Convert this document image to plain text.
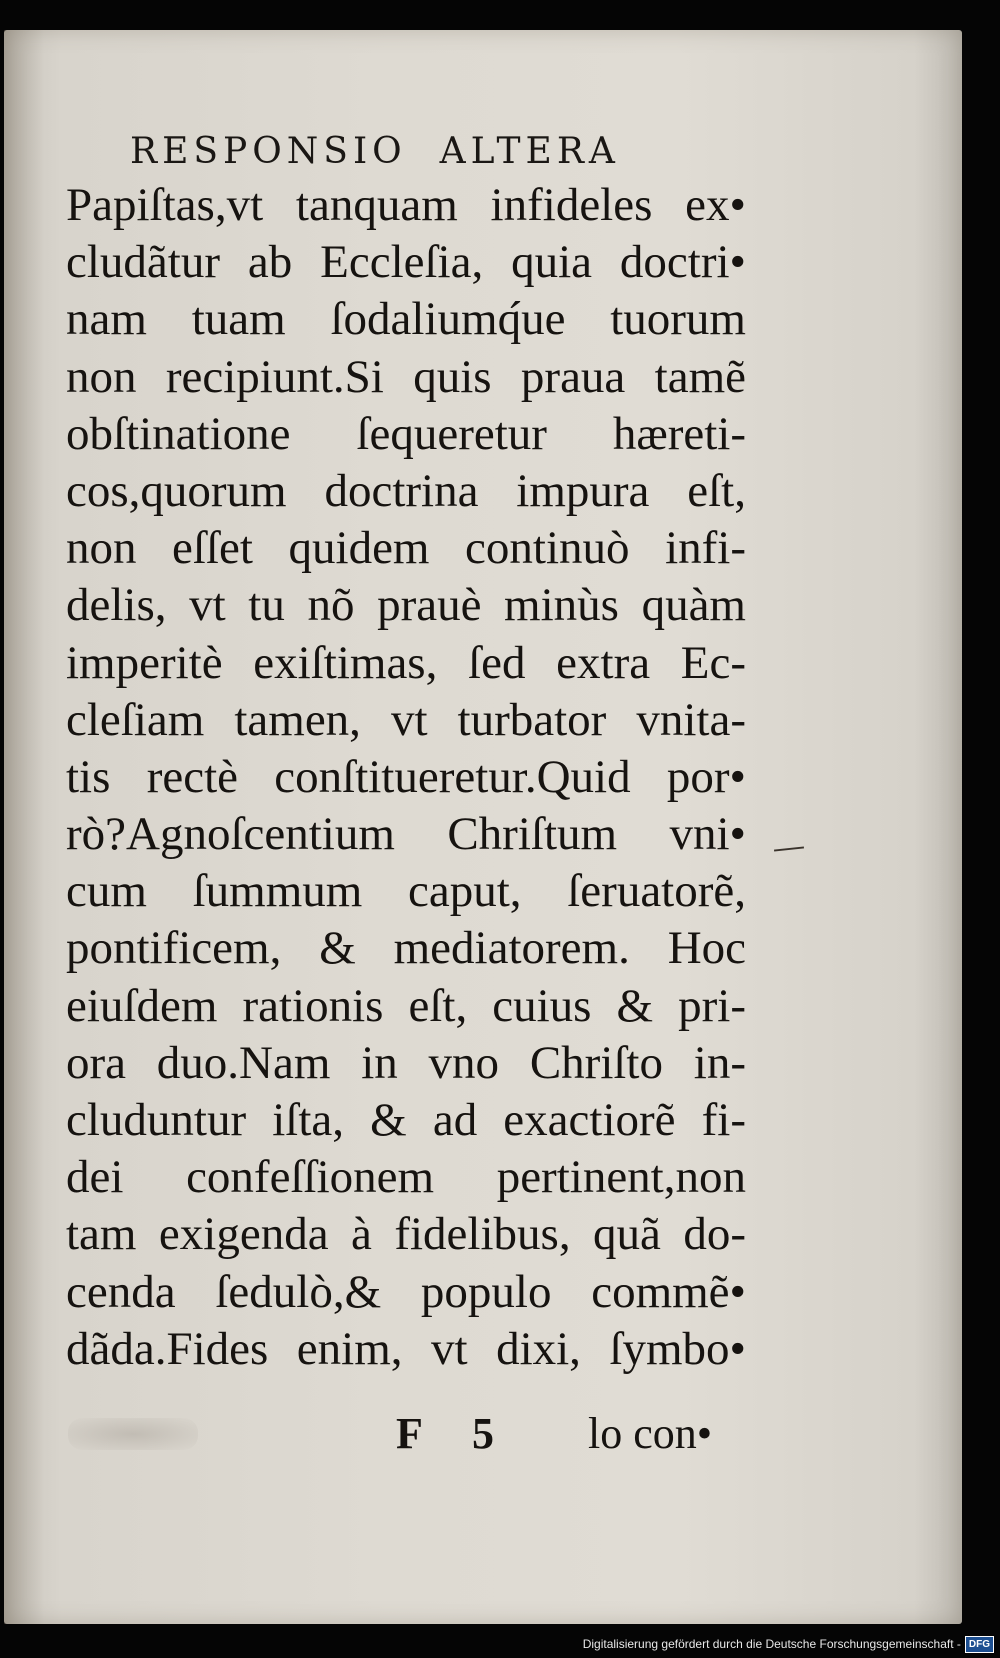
RESPONSIO  ALTERA
Papiſtas,vt tanquam infideles ex•
cludãtur ab Eccleſia, quia doctri•
nam tuam ſodaliumq́ue tuorum
non recipiunt.Si quis praua tamẽ
obſtinatione ſequeretur hæreti-
cos,quorum doctrina impura eſt,
non eſſet quidem continuò infi-
delis, vt tu nõ prauè minùs quàm
imperitè exiſtimas, ſed extra Ec-
cleſiam tamen, vt turbator vnita-
tis rectè conſtitueretur.Quid por•
rò?Agnoſcentium Chriſtum vni•
cum ſummum caput, ſeruatorẽ,
pontificem, & mediatorem. Hoc
eiuſdem rationis eſt, cuius & pri-
ora duo.Nam in vno Chriſto in-
cluduntur iſta, & ad exactiorẽ fi-
dei confeſſionem pertinent,non
tam exigenda à fidelibus, quã do-
cenda ſedulò,& populo commẽ•
dãda.Fides enim, vt dixi, ſymbo•
F 5 lo con•
Digitalisierung gefördert durch die Deutsche Forschungsgemeinschaft - DFG
